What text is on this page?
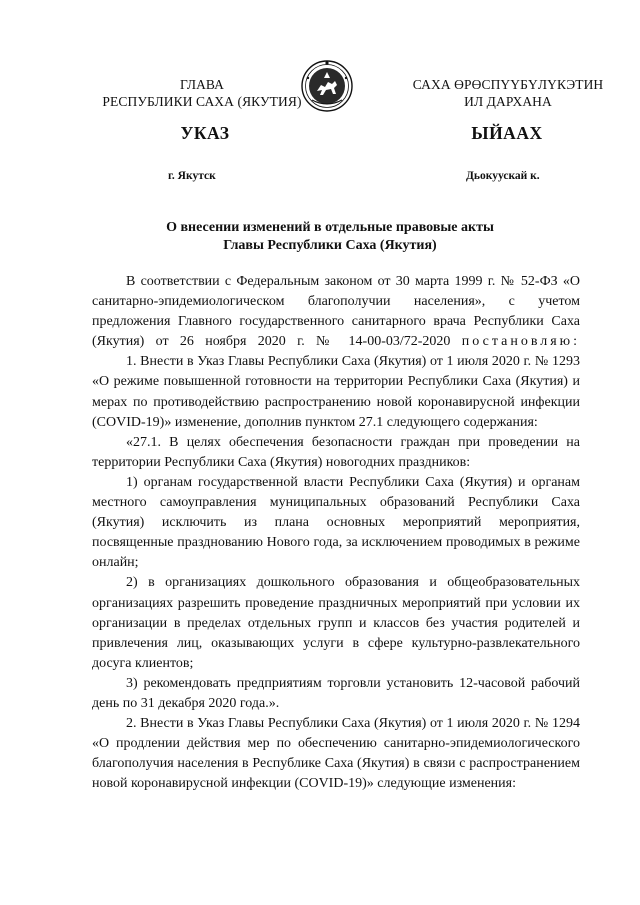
ГЛАВА
РЕСПУБЛИКИ САХА (ЯКУТИЯ)
САХА ӨРӨСПҮҮБҮЛҮКЭТИН
ИЛ ДАРХАНА
УКАЗ	ЫЙААХ
г. Якутск	Дьокуускай к.
О внесении изменений в отдельные правовые акты
Главы Республики Саха (Якутия)

В соответствии с Федеральным законом от 30 марта 1999 г. № 52-ФЗ «О санитарно-эпидемиологическом благополучии населения», с учетом предложения Главного государственного санитарного врача Республики Саха (Якутия) от 26 ноября 2020 г. № 14-00-03/72-2020 постановляю:

1. Внести в Указ Главы Республики Саха (Якутия) от 1 июля 2020 г. № 1293 «О режиме повышенной готовности на территории Республики Саха (Якутия) и мерах по противодействию распространению новой коронавирусной инфекции (COVID-19)» изменение, дополнив пунктом 27.1 следующего содержания:

«27.1. В целях обеспечения безопасности граждан при проведении на территории Республики Саха (Якутия) новогодних праздников:

1) органам государственной власти Республики Саха (Якутия) и органам местного самоуправления муниципальных образований Республики Саха (Якутия) исключить из плана основных мероприятий мероприятия, посвященные празднованию Нового года, за исключением проводимых в режиме онлайн;

2) в организациях дошкольного образования и общеобразовательных организациях разрешить проведение праздничных мероприятий при условии их организации в пределах отдельных групп и классов без участия родителей и привлечения лиц, оказывающих услуги в сфере культурно-развлекательного досуга клиентов;

3) рекомендовать предприятиям торговли установить 12-часовой рабочий день по 31 декабря 2020 года.».

2. Внести в Указ Главы Республики Саха (Якутия) от 1 июля 2020 г. № 1294 «О продлении действия мер по обеспечению санитарно-эпидемиологического благополучия населения в Республике Саха (Якутия) в связи с распространением новой коронавирусной инфекции (COVID-19)» следующие изменения:
